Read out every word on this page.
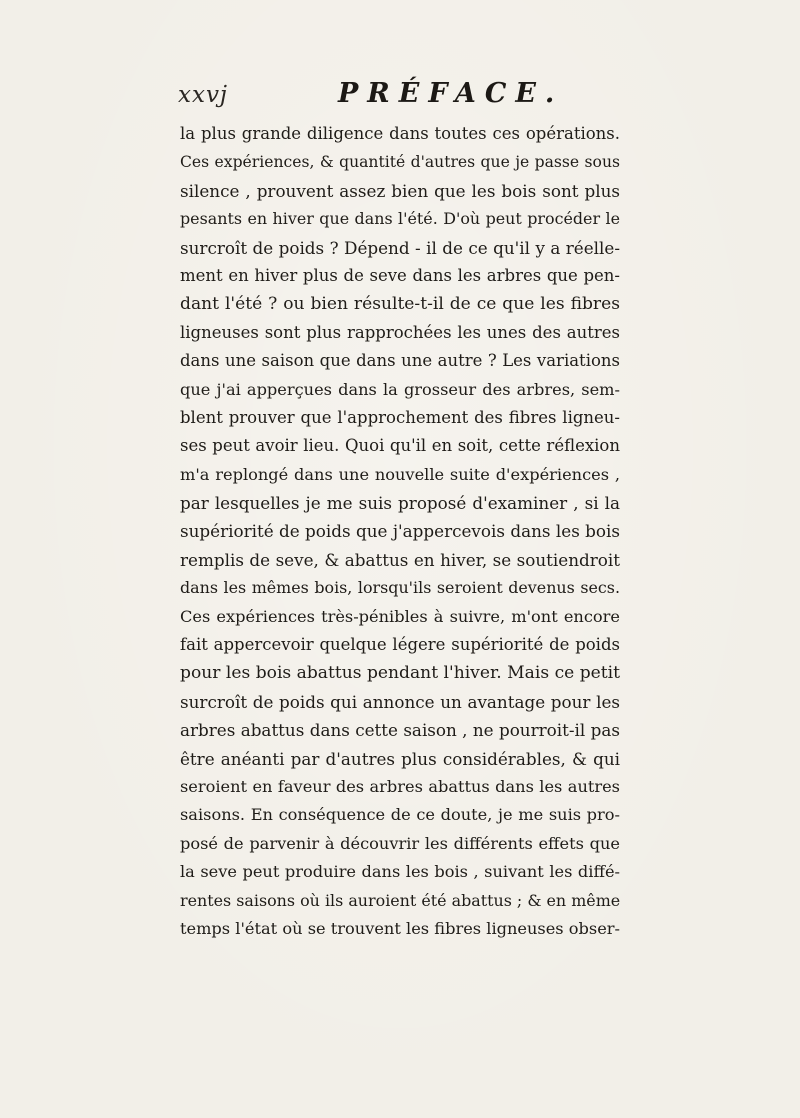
xxvj	PRÉFACE.
la plus grande diligence dans toutes ces opérations.
Ces expériences, & quantité d'autres que je passe sous
silence , prouvent assez bien que les bois sont plus
pesants en hiver que dans l'été. D'où peut procéder le
surcroît de poids ? Dépend - il de ce qu'il y a réelle-
ment en hiver plus de seve dans les arbres que pen-
dant l'été ? ou bien résulte-t-il de ce que les fibres
ligneuses sont plus rapprochées les unes des autres
dans une saison que dans une autre ? Les variations
que j'ai apperçues dans la grosseur des arbres, sem-
blent prouver que l'approchement des fibres ligneu-
ses peut avoir lieu. Quoi qu'il en soit, cette réflexion
m'a replongé dans une nouvelle suite d'expériences ,
par lesquelles je me suis proposé d'examiner , si la
supériorité de poids que j'appercevois dans les bois
remplis de seve, & abattus en hiver, se soutiendroit
dans les mêmes bois, lorsqu'ils seroient devenus secs.
Ces expériences très-pénibles à suivre, m'ont encore
fait appercevoir quelque légere supériorité de poids
pour les bois abattus pendant l'hiver. Mais ce petit
surcroît de poids qui annonce un avantage pour les
arbres abattus dans cette saison , ne pourroit-il pas
être anéanti par d'autres plus considérables, & qui
seroient en faveur des arbres abattus dans les autres
saisons. En conséquence de ce doute, je me suis pro-
posé de parvenir à découvrir les différents effets que
la seve peut produire dans les bois , suivant les diffé-
rentes saisons où ils auroient été abattus ; & en même
temps l'état où se trouvent les fibres ligneuses obser-
